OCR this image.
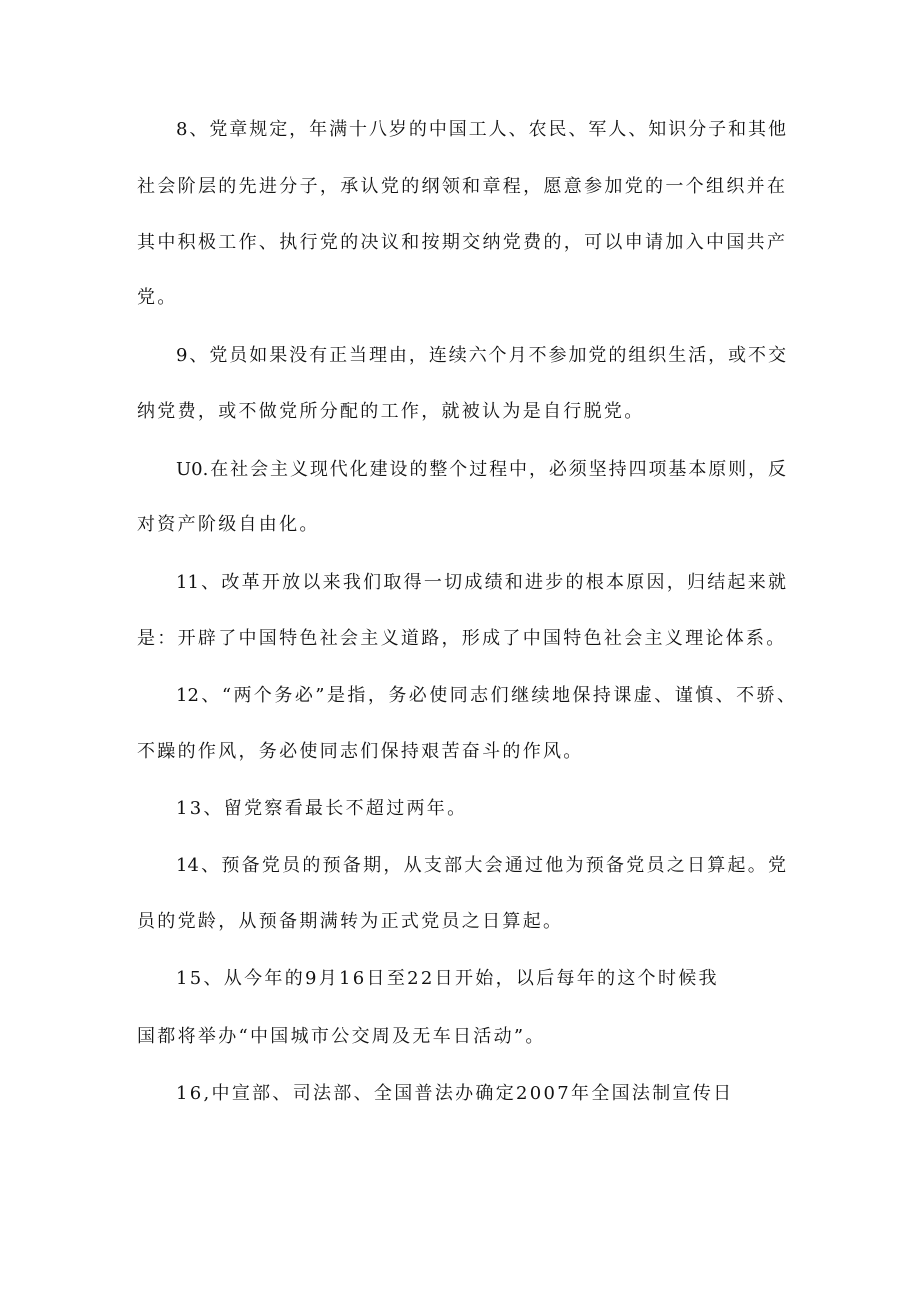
8、党章规定，年满十八岁的中国工人、农民、军人、知识分子和其他
社会阶层的先进分子，承认党的纲领和章程，愿意参加党的一个组织并在
其中积极工作、执行党的决议和按期交纳党费的，可以申请加入中国共产
党。
9、党员如果没有正当理由，连续六个月不参加党的组织生活，或不交
纳党费，或不做党所分配的工作，就被认为是自行脱党。
U0.在社会主义现代化建设的整个过程中，必须坚持四项基本原则，反
对资产阶级自由化。
11、改革开放以来我们取得一切成绩和进步的根本原因，归结起来就
是：开辟了中国特色社会主义道路，形成了中国特色社会主义理论体系。
12、“两个务必”是指，务必使同志们继续地保持课虚、谨慎、不骄、
不躁的作风，务必使同志们保持艰苦奋斗的作风。
13、留党察看最长不超过两年。
14、预备党员的预备期，从支部大会通过他为预备党员之日算起。党
员的党龄，从预备期满转为正式党员之日算起。
15、从今年的9月16日至22日开始，以后每年的这个时候我
国都将举办“中国城市公交周及无车日活动”。
16,中宣部、司法部、全国普法办确定2007年全国法制宣传日
